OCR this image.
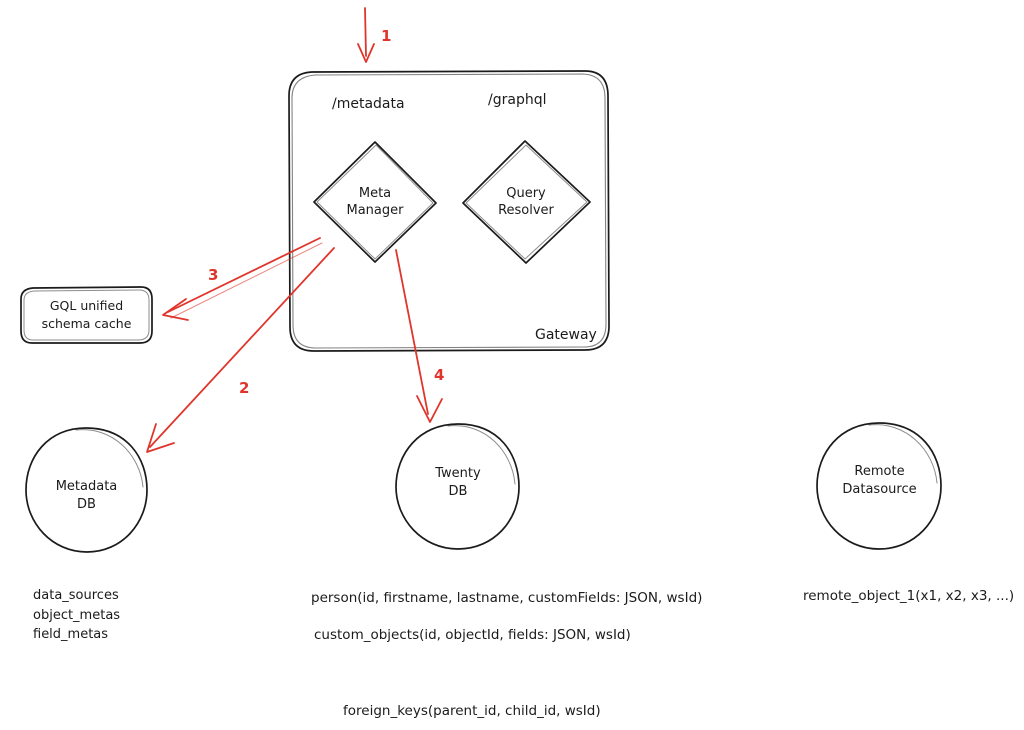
/metadata	/graphql
Gateway
Meta
Manager
Query
Resolver
GQL unified
schema cache
Metadata
DB
Twenty
DB
Remote
Datasource
1
2
3
4
data_sources
object_metas
field_metas
person(id, firstname, lastname, customFields: JSON, wsId)
custom_objects(id, objectId, fields: JSON, wsId)
foreign_keys(parent_id, child_id, wsId)
remote_object_1(x1, x2, x3, ...)
